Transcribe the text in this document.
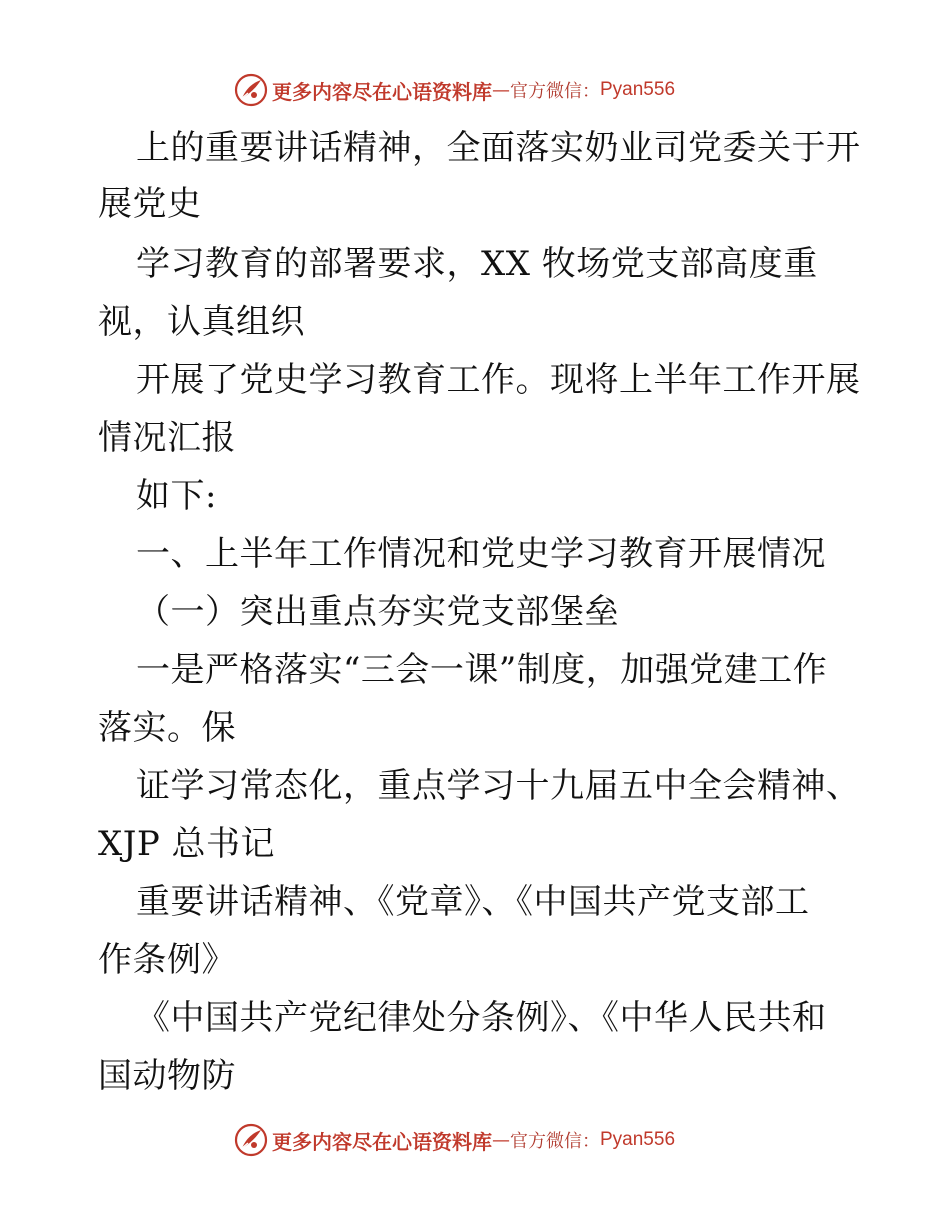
更多内容尽在心语资料库 — 官方微信： Pyan556
上的重要讲话精神，全面落实奶业司党委关于开
展党史
学习教育的部署要求，XX 牧场党支部高度重
视，认真组织
开展了党史学习教育工作。现将上半年工作开展
情况汇报
如下:
一、上半年工作情况和党史学习教育开展情况
（一）突出重点夯实党支部堡垒
一是严格落实“三会一课”制度，加强党建工作
落实。保
证学习常态化，重点学习十九届五中全会精神、
XJP 总书记
重要讲话精神、《党章》、《中国共产党支部工
作条例》
《中国共产党纪律处分条例》、《中华人民共和
国动物防
更多内容尽在心语资料库 — 官方微信： Pyan556
